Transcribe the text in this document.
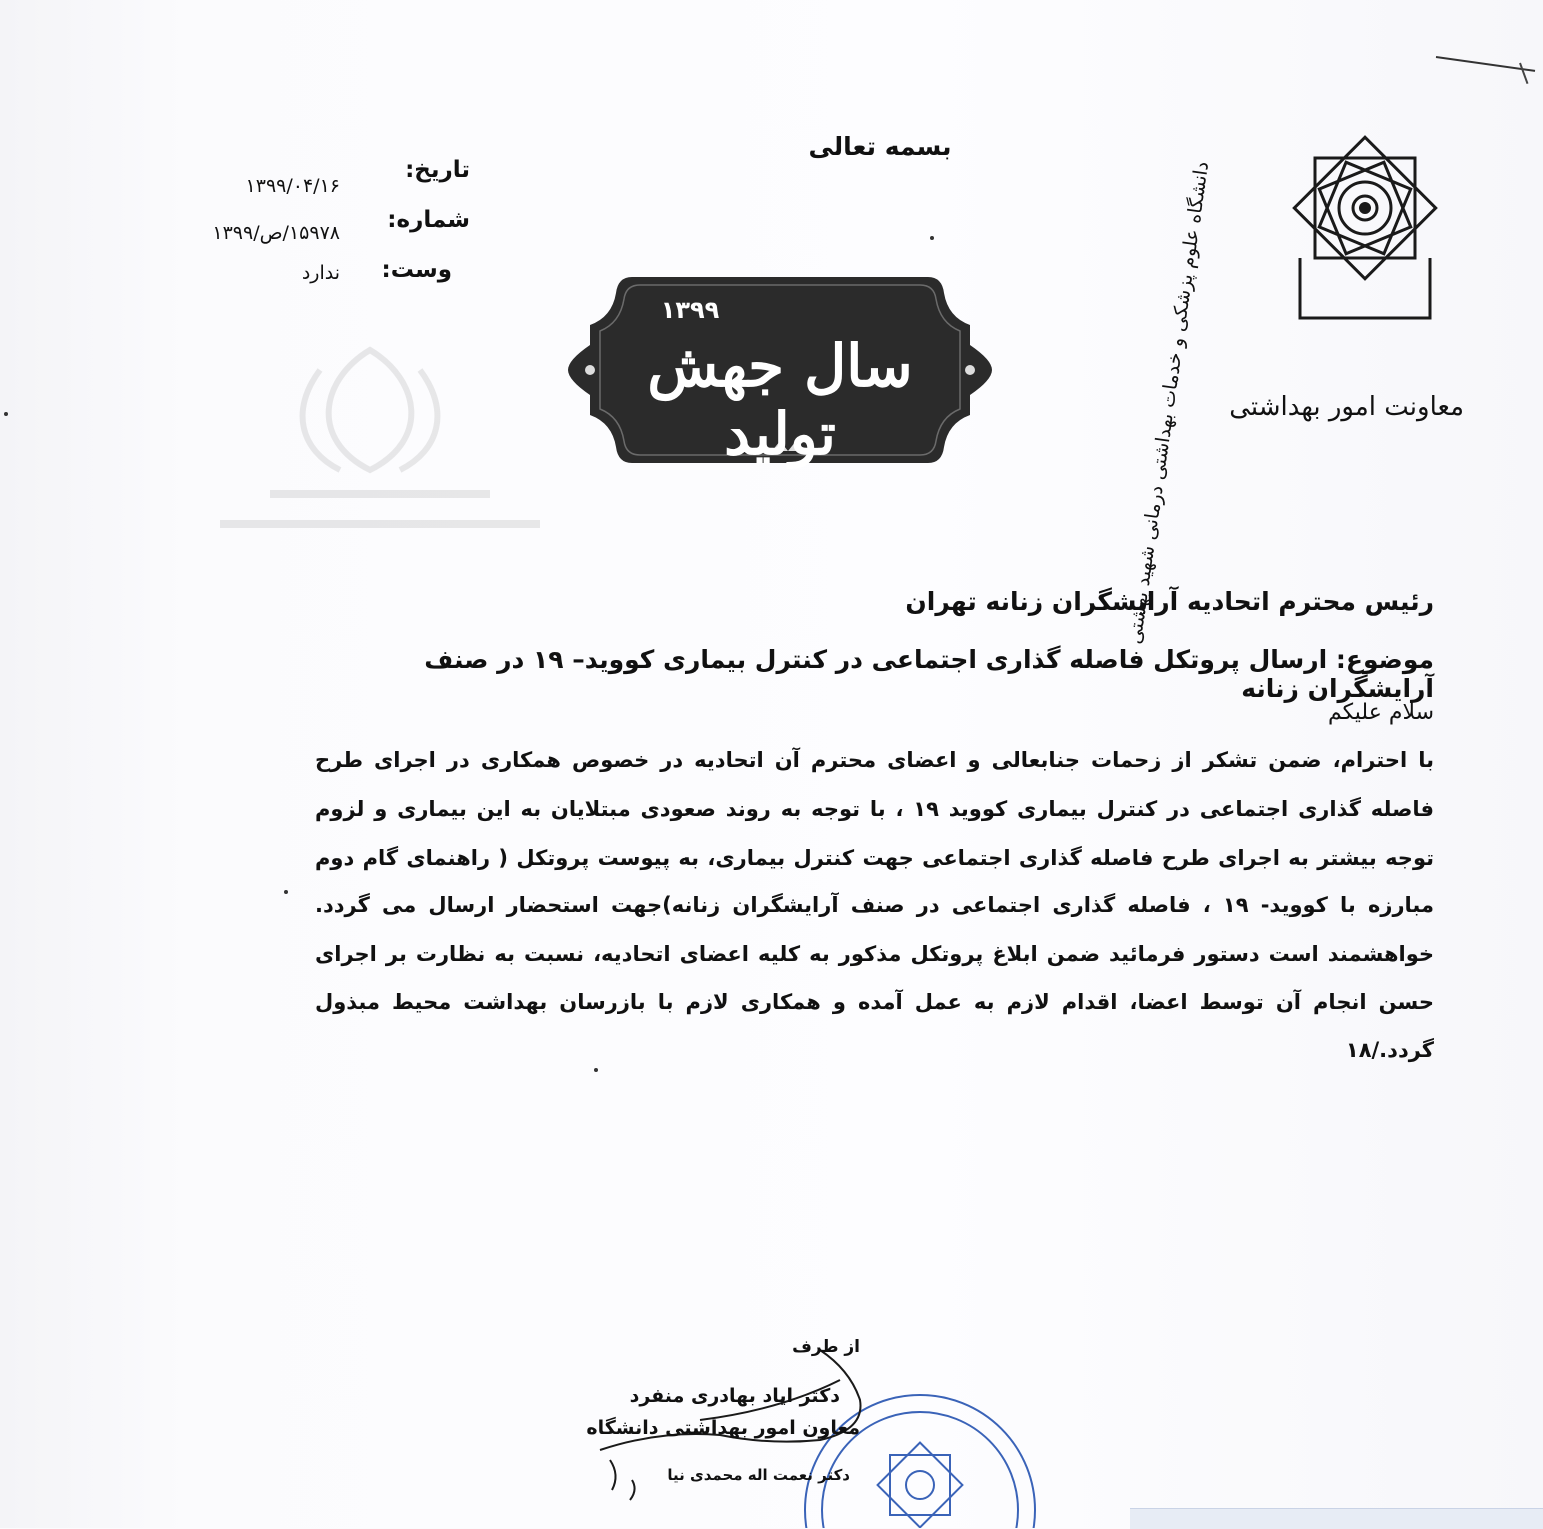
بسمه تعالی
تاریخ:
۱۳۹۹/۰۴/۱۶
شماره:
۱۵۹۷۸/ص/۱۳۹۹
وست:
ندارد
۱۳۹۹
سال جهش تولید	دانشگاه علوم پزشکی و خدمات بهداشتی درمانی شهید بهشتی معاونت امور بهداشتی
رئیس محترم اتحادیه آرایشگران زنانه تهران
موضوع: ارسال پروتکل فاصله گذاری اجتماعی در کنترل بیماری کووید– ۱۹ در صنف آرایشگران زنانه
سلام علیکم
با احترام، ضمن تشکر از زحمات جنابعالی و اعضای محترم آن اتحادیه در خصوص همکاری در اجرای طرح
فاصله گذاری اجتماعی در کنترل بیماری کووید ۱۹ ، با توجه به روند صعودی مبتلایان به این بیماری و لزوم
توجه بیشتر به اجرای طرح فاصله گذاری اجتماعی جهت کنترل بیماری، به پیوست پروتکل ( راهنمای گام دوم
مبارزه با کووید- ۱۹ ، فاصله گذاری اجتماعی در صنف آرایشگران زنانه)جهت استحضار ارسال می گردد.
خواهشمند است دستور فرمائید ضمن ابلاغ پروتکل مذکور به کلیه اعضای اتحادیه، نسبت به نظارت بر اجرای
حسن انجام آن توسط اعضا، اقدام لازم به عمل آمده و همکاری لازم با بازرسان بهداشت محیط مبذول
گردد./۱۸
از طرف
دکتر ایاد بهادری منفرد
معاون امور بهداشتی دانشگاه
دکتر نعمت اله محمدی نیا
